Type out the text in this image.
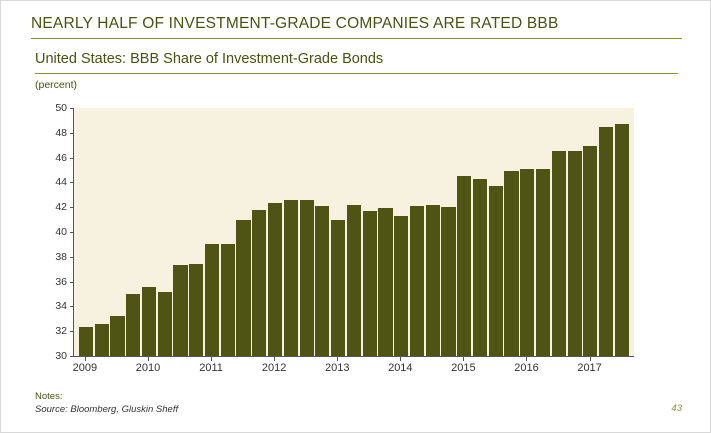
NEARLY HALF OF INVESTMENT-GRADE COMPANIES ARE RATED BBB
United States: BBB Share of Investment-Grade Bonds
(percent)
30
32
34
36
38
40
42
44
46
48
50
2009	2010	2011	2012	2013	2014	2015	2016	2017
Notes:
Source: Bloomberg, Gluskin Sheff	43
